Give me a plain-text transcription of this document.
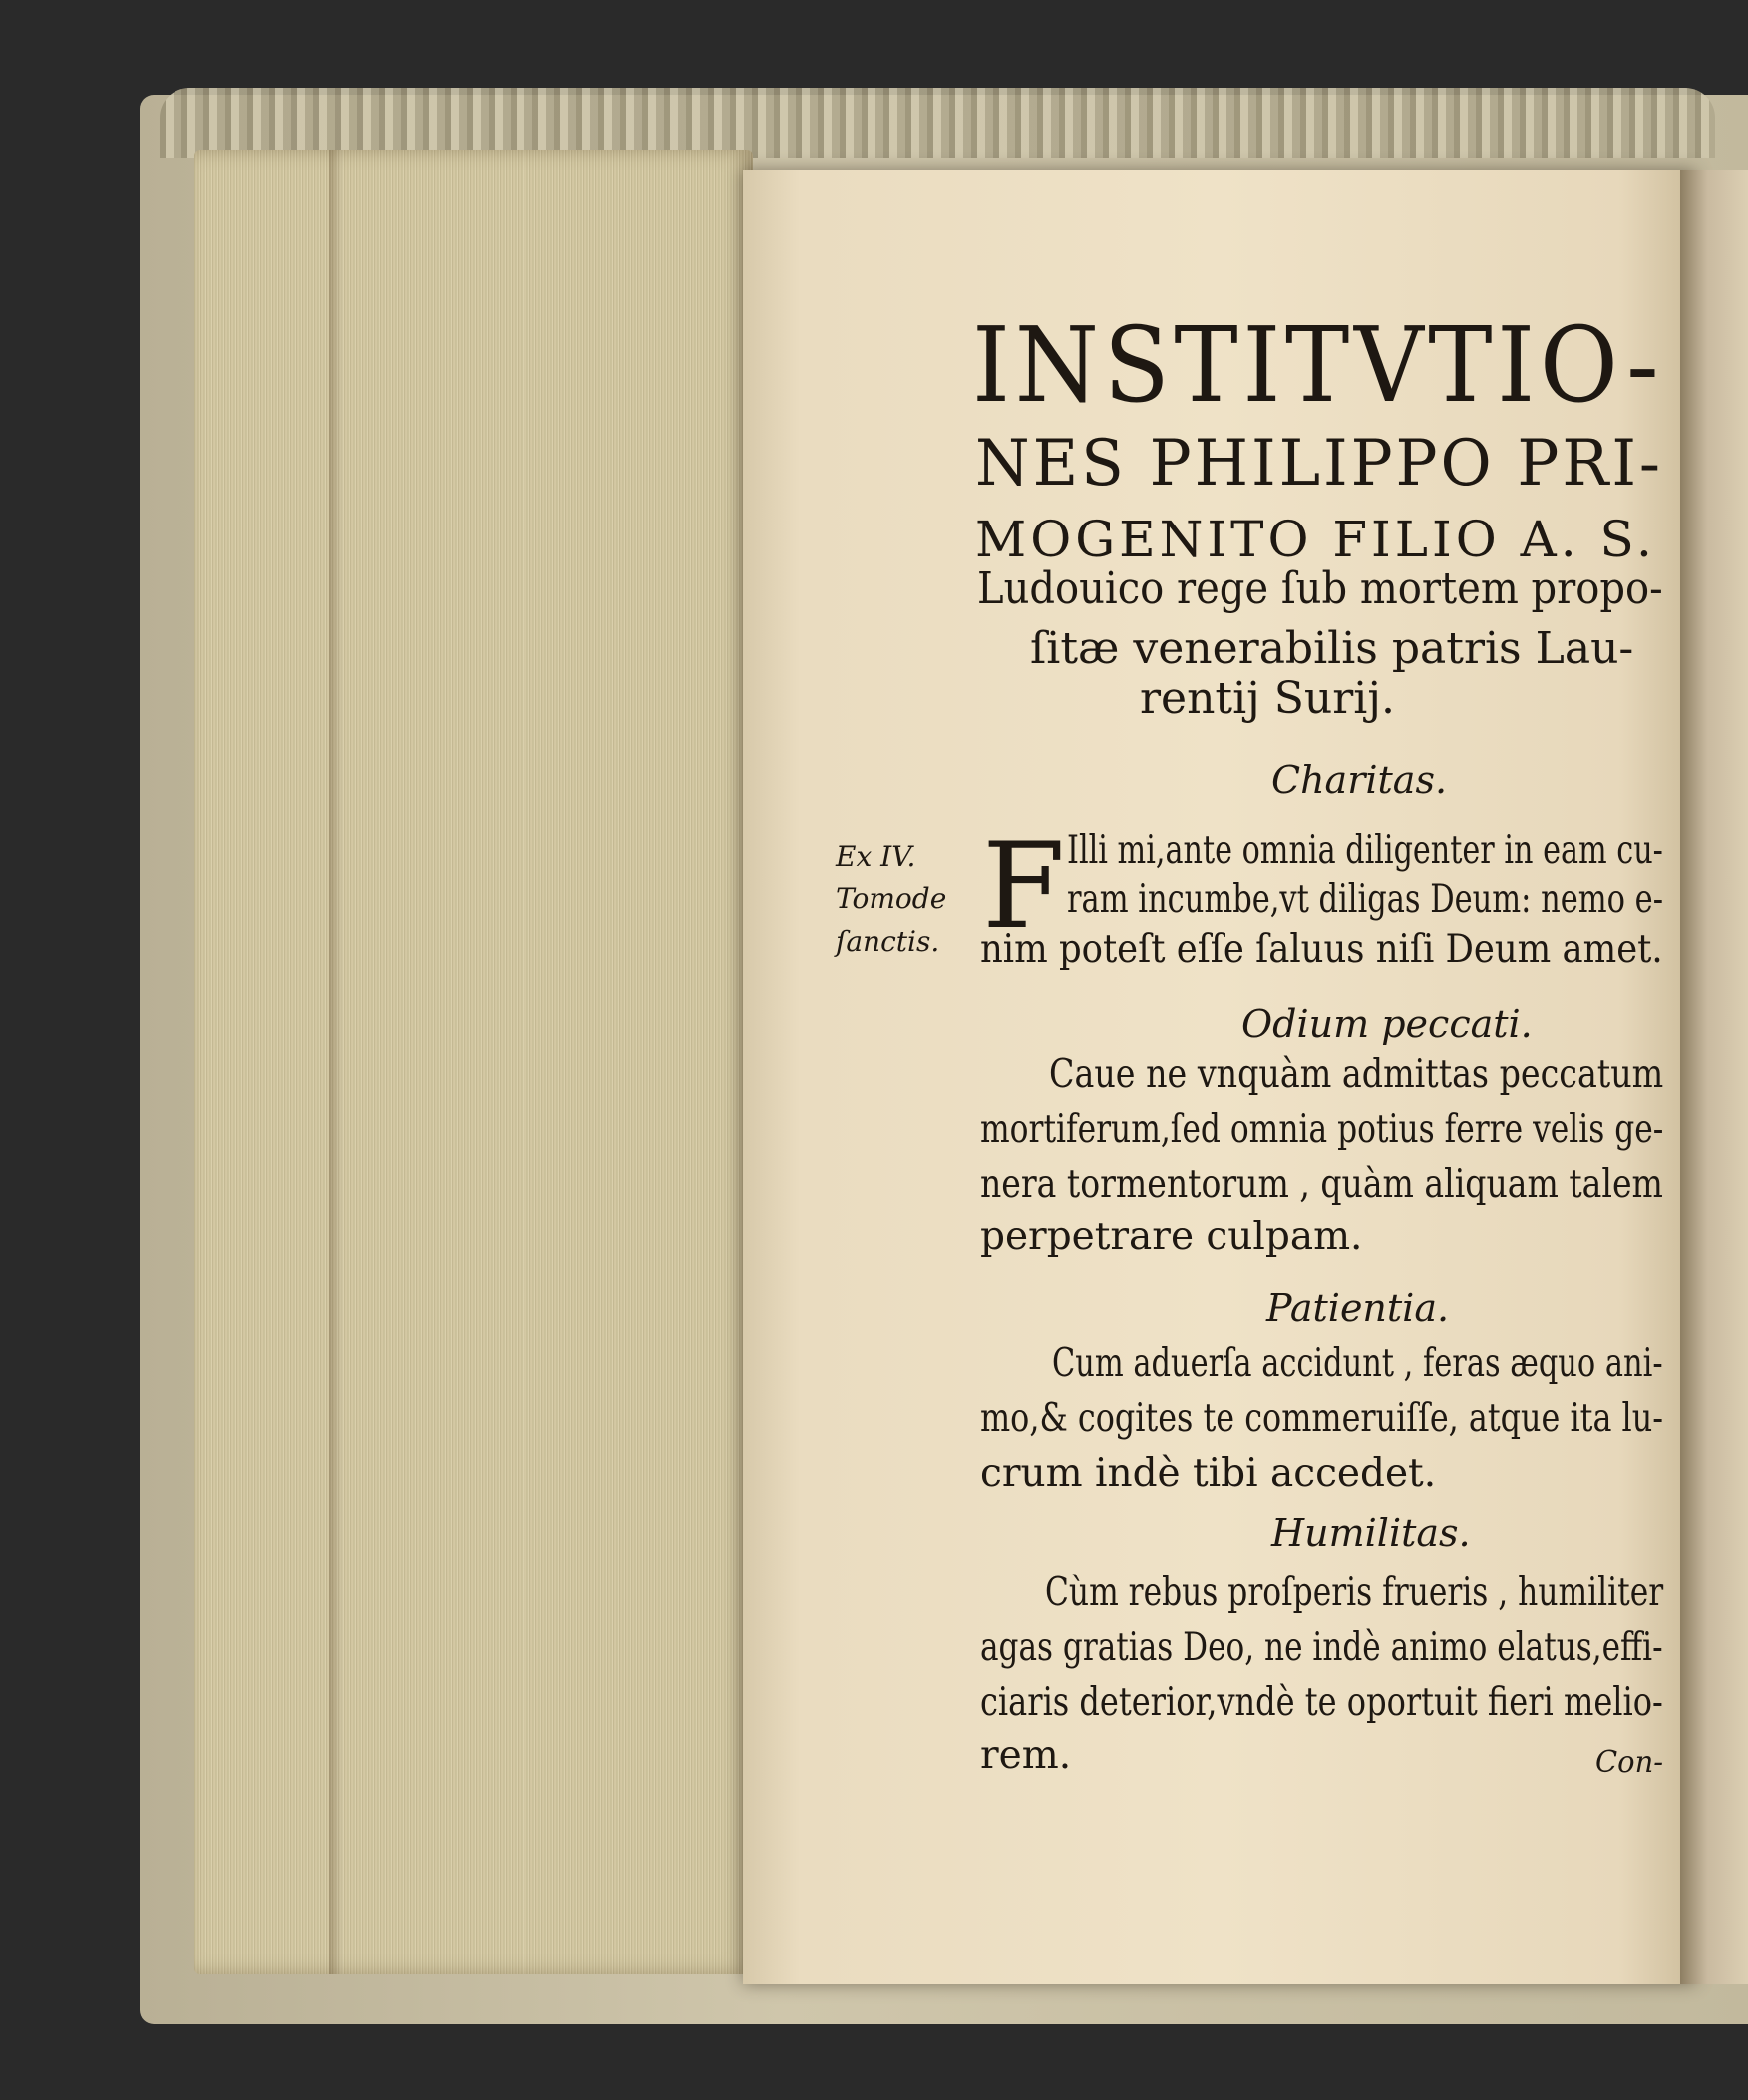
INSTITVTIO-
NES PHILIPPO PRI-
MOGENITO FILIO A. S.
Ludouico rege ſub mortem propo-
ſitæ venerabilis patris Lau-
rentij Surij.
Ex IV.
Tomode
ſanctis.
Charitas.
F Illi mi,ante omnia diligenter in eam cu-
ram incumbe,vt diligas Deum: nemo e-
nim poteſt eſſe ſaluus niſi Deum amet.
Odium peccati.
Caue ne vnquàm admittas peccatum
mortiferum,ſed omnia potius ferre velis ge-
nera tormentorum , quàm aliquam talem
perpetrare culpam.
Patientia.
Cum aduerſa accidunt , feras æquo ani-
mo,& cogites te commeruiſſe, atque ita lu-
crum indè tibi accedet.
Humilitas.
Cùm rebus proſperis frueris , humiliter
agas gratias Deo, ne indè animo elatus,effi-
ciaris deterior,vndè te oportuit fieri melio-
rem.	Con-
